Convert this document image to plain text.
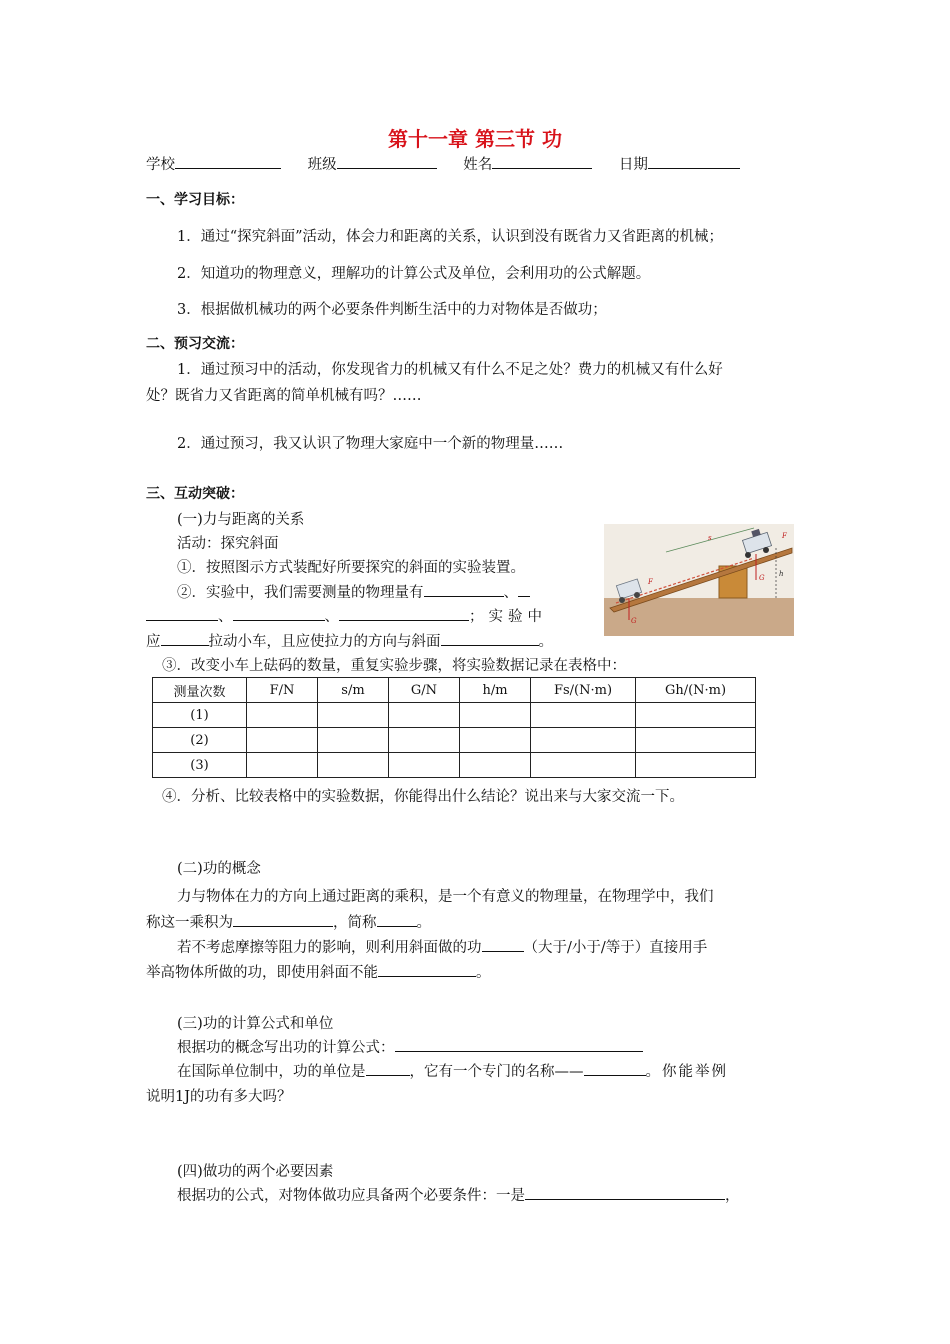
第十一章 第三节 功
学校	班级	姓名	日期
一、学习目标：
1．通过“探究斜面”活动，体会力和距离的关系，认识到没有既省力又省距离的机械；
2．知道功的物理意义，理解功的计算公式及单位，会利用功的公式解题。
3．根据做机械功的两个必要条件判断生活中的力对物体是否做功；
二、预习交流：
1．通过预习中的活动，你发现省力的机械又有什么不足之处？费力的机械又有什么好
处？既省力又省距离的简单机械有吗？……
2．通过预习，我又认识了物理大家庭中一个新的物理量……
三、互动突破：
(一)力与距离的关系
活动：探究斜面
①．按照图示方式装配好所要探究的斜面的实验装置。
②．实验中，我们需要测量的物理量有	、
、	、	；实验中
应	拉动小车，且应使拉力的方向与斜面	。
s
F	G
G
h
F
③．改变小车上砝码的数量，重复实验步骤，将实验数据记录在表格中：
测量次数	F/N	s/m	G/N	h/m	Fs/(N·m)	Gh/(N·m)
(1)						
(2)						
(3)						
④．分析、比较表格中的实验数据，你能得出什么结论？说出来与大家交流一下。
(二)功的概念
力与物体在力的方向上通过距离的乘积，是一个有意义的物理量，在物理学中，我们
称这一乘积为	，简称	。
若不考虑摩擦等阻力的影响，则利用斜面做的功	（大于/小于/等于）直接用手
举高物体所做的功，即使用斜面不能	。
(三)功的计算公式和单位
根据功的概念写出功的计算公式：
在国际单位制中，功的单位是	，它有一个专门的名称——	。你能举例
说明1J的功有多大吗？
(四)做功的两个必要因素
根据功的公式，对物体做功应具备两个必要条件：一是	，
